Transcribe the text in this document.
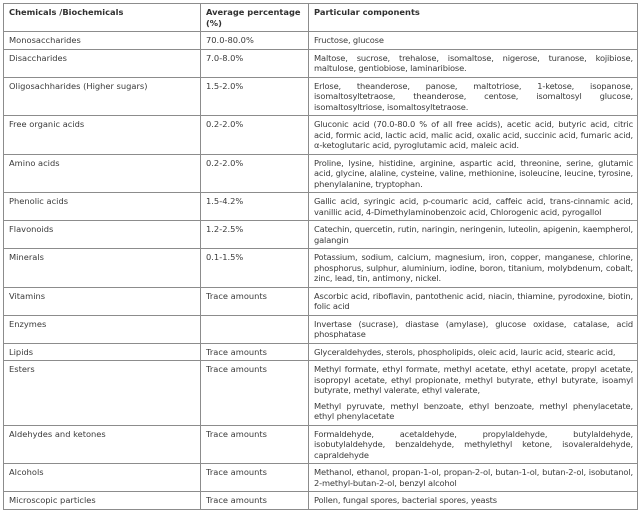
Chemicals /Biochemicals	Average percentage (%)	Particular components
Monosaccharides	70.0-80.0%	Fructose, glucose

Disaccharides	7.0-8.0%	Maltose, sucrose, trehalose, isomaltose, nigerose, turanose, kojibiose, maltulose, gentiobiose, laminaribiose.

Oligosachharides (Higher sugars)	1.5-2.0%	Erlose, theanderose, panose, maltotriose, 1-ketose, isopanose, isomaltosyltetraose, theanderose, centose, isomaltosyl glucose, isomaltosyltriose, isomaltosyltetraose.

Free organic acids	0.2-2.0%	Gluconic acid (70.0-80.0 % of all free acids), acetic acid, butyric acid, citric acid, formic acid, lactic acid, malic acid, oxalic acid, succinic acid, fumaric acid, α-ketoglutaric acid, pyroglutamic acid, maleic acid.

Amino acids	0.2-2.0%	Proline, lysine, histidine, arginine, aspartic acid, threonine, serine, glutamic acid, glycine, alaline, cysteine, valine, methionine, isoleucine, leucine, tyrosine, phenylalanine, tryptophan.

Phenolic acids	1.5-4.2%	Gallic acid, syringic acid, p-coumaric acid, caffeic acid, trans-cinnamic acid, vanillic acid, 4-Dimethylaminobenzoic acid, Chlorogenic acid, pyrogallol

Flavonoids	1.2-2.5%	Catechin, quercetin, rutin, naringin, neringenin, luteolin, apigenin, kaempherol, galangin

Minerals	0.1-1.5%	Potassium, sodium, calcium, magnesium, iron, copper, manganese, chlorine, phosphorus, sulphur, aluminium, iodine, boron, titanium, molybdenum, cobalt, zinc, lead, tin, antimony, nickel.

Vitamins	Trace amounts	Ascorbic acid, riboflavin, pantothenic acid, niacin, thiamine, pyrodoxine, biotin, folic acid

Enzymes		Invertase (sucrase), diastase (amylase), glucose oxidase, catalase, acid phosphatase

Lipids	Trace amounts	Glyceraldehydes, sterols, phospholipids, oleic acid, lauric acid, stearic acid,

Esters	Trace amounts	Methyl formate, ethyl formate, methyl acetate, ethyl acetate, propyl acetate, isopropyl acetate, ethyl propionate, methyl butyrate, ethyl butyrate, isoamyl butyrate, methyl valerate, ethyl valerate,
Methyl pyruvate, methyl benzoate, ethyl benzoate, methyl phenylacetate, ethyl phenylacetate

Aldehydes and ketones	Trace amounts	Formaldehyde, acetaldehyde, propylaldehyde, butylaldehyde, isobutylaldehyde, benzaldehyde, methylethyl ketone, isovaleraldehyde, capraldehyde

Alcohols	Trace amounts	Methanol, ethanol, propan-1-ol, propan-2-ol, butan-1-ol, butan-2-ol, isobutanol, 2-methyl-butan-2-ol, benzyl alcohol

Microscopic particles	Trace amounts	Pollen, fungal spores, bacterial spores, yeasts
